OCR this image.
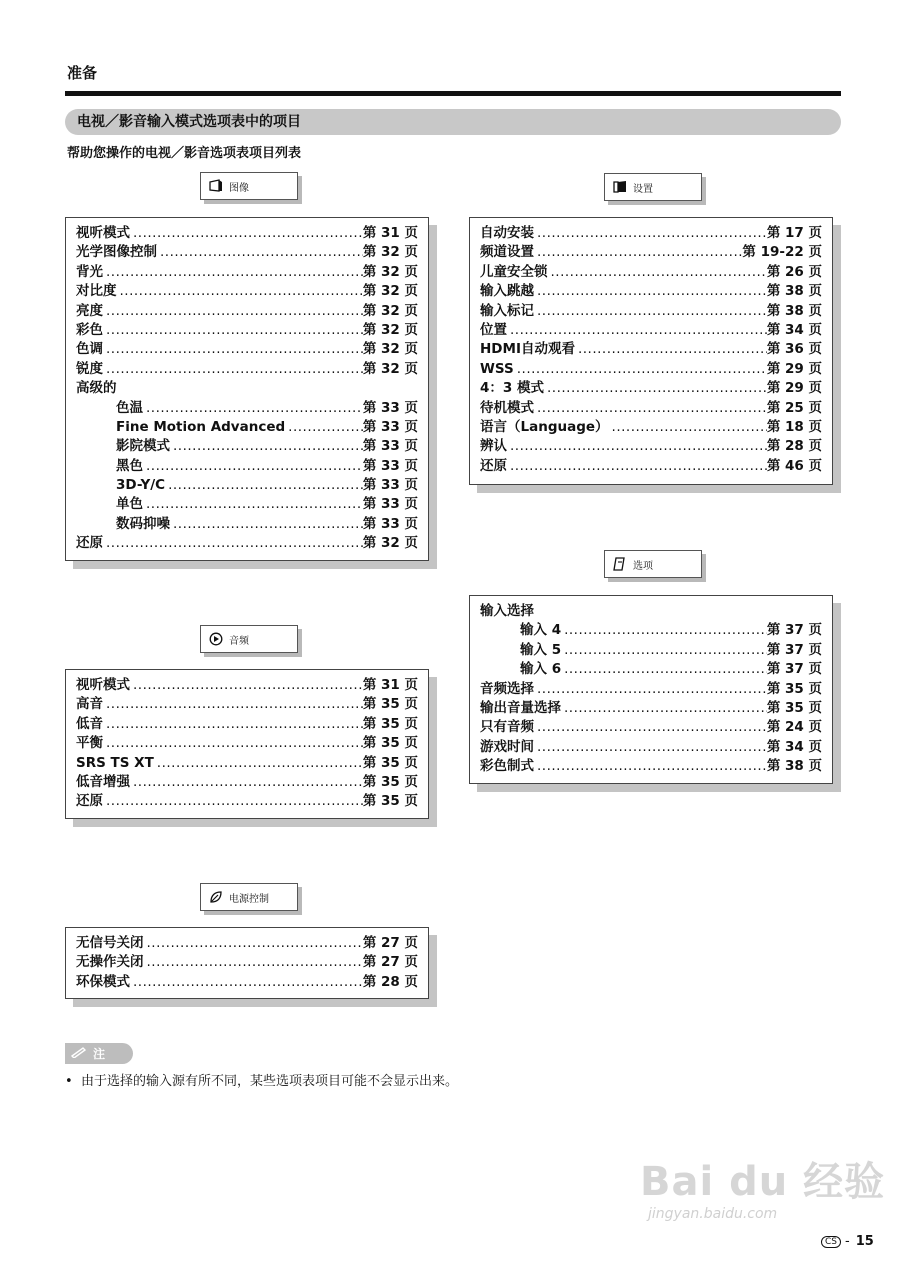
准备
电视／影音输入模式选项表中的项目
帮助您操作的电视／影音选项表项目列表
图像
视听模式 .....	第 31 页
光学图像控制 .....	第 32 页
背光 .....	第 32 页
对比度 .....	第 32 页
亮度 .....	第 32 页
彩色 .....	第 32 页
色调 .....	第 32 页
锐度 .....	第 32 页
高级的
色温 .....	第 33 页
Fine Motion Advanced .....	第 33 页
影院模式 .....	第 33 页
黑色 .....	第 33 页
3D-Y/C .....	第 33 页
单色 .....	第 33 页
数码抑噪 .....	第 33 页
还原 .....	第 32 页
音频
视听模式 .....	第 31 页
高音 .....	第 35 页
低音 .....	第 35 页
平衡 .....	第 35 页
SRS TS XT .....	第 35 页
低音增强 .....	第 35 页
还原 .....	第 35 页
电源控制
无信号关闭 .....	第 27 页
无操作关闭 .....	第 27 页
环保模式 .....	第 28 页
设置
自动安装 .....	第 17 页
频道设置 .....	第 19-22 页
儿童安全锁 .....	第 26 页
输入跳越 .....	第 38 页
输入标记 .....	第 38 页
位置 .....	第 34 页
HDMI自动观看 .....	第 36 页
WSS .....	第 29 页
4：3 模式 .....	第 29 页
待机模式 .....	第 25 页
语言（Language） .....	第 18 页
辨认 .....	第 28 页
还原 .....	第 46 页
选项
输入选择
输入 4 .....	第 37 页
输入 5 .....	第 37 页
输入 6 .....	第 37 页
音频选择 .....	第 35 页
输出音量选择 .....	第 35 页
只有音频 .....	第 24 页
游戏时间 .....	第 34 页
彩色制式 .....	第 38 页
注
•  由于选择的输入源有所不同，某些选项表项目可能不会显示出来。
Bai du 经验
jingyan.baidu.com
CS - 15
